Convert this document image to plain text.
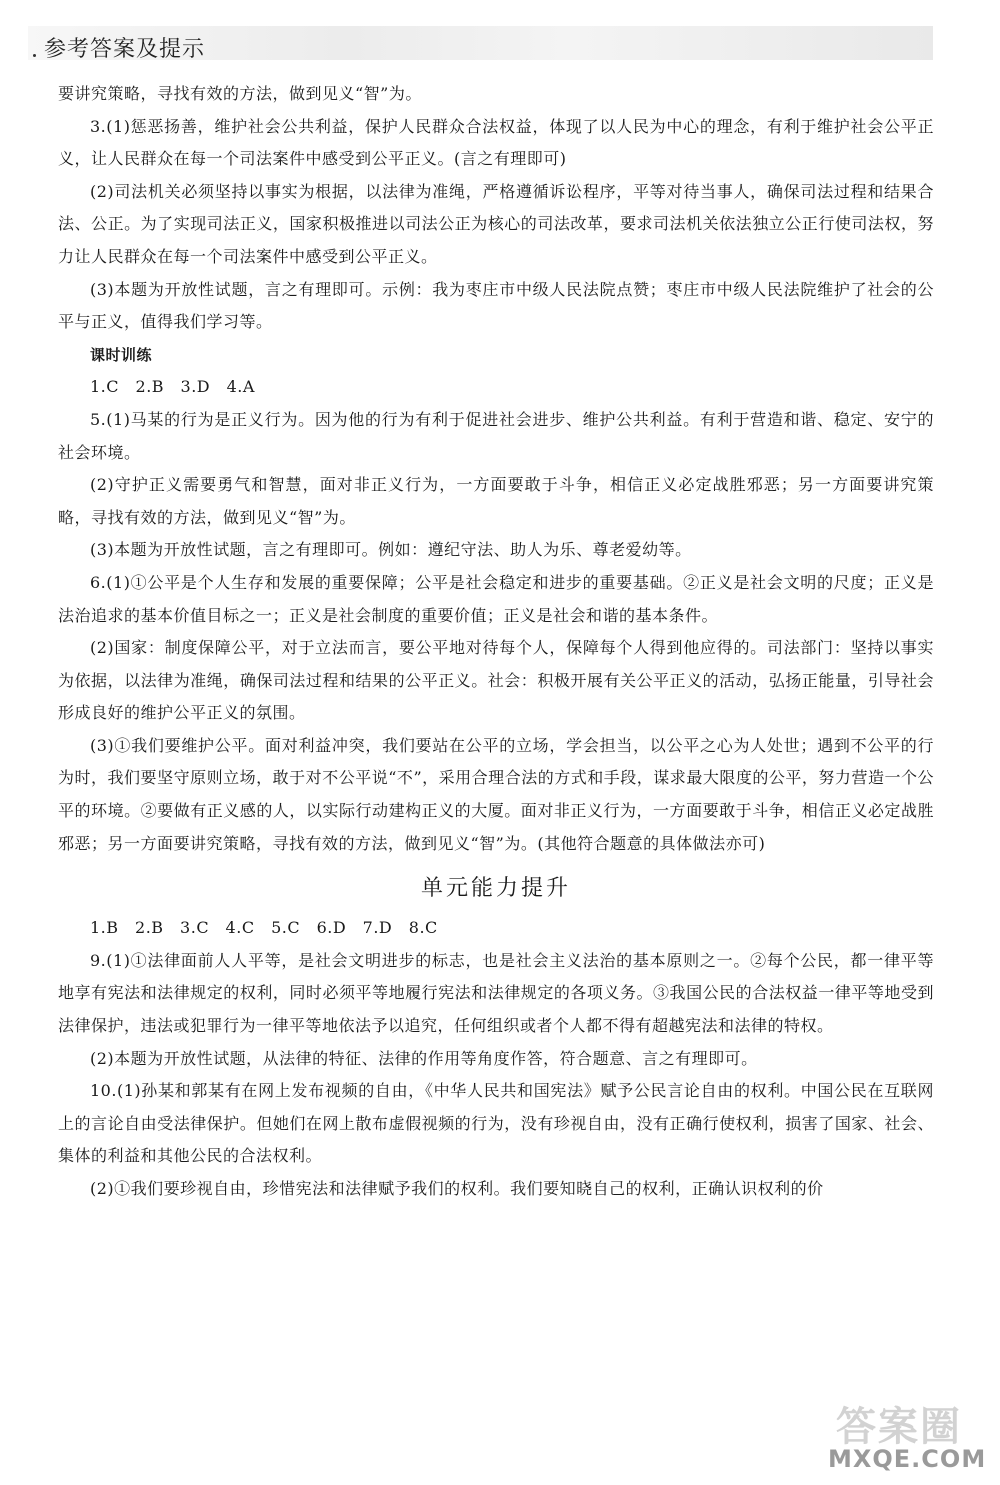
参考答案及提示

要讲究策略，寻找有效的方法，做到见义“智”为。

3.(1)惩恶扬善，维护社会公共利益，保护人民群众合法权益，体现了以人民为中心的理念，有利于维护社会公平正义，让人民群众在每一个司法案件中感受到公平正义。(言之有理即可)

(2)司法机关必须坚持以事实为根据，以法律为准绳，严格遵循诉讼程序，平等对待当事人，确保司法过程和结果合法、公正。为了实现司法正义，国家积极推进以司法公正为核心的司法改革，要求司法机关依法独立公正行使司法权，努力让人民群众在每一个司法案件中感受到公平正义。

(3)本题为开放性试题，言之有理即可。示例：我为枣庄市中级人民法院点赞；枣庄市中级人民法院维护了社会的公平与正义，值得我们学习等。

课时训练

1.C　2.B　3.D　4.A

5.(1)马某的行为是正义行为。因为他的行为有利于促进社会进步、维护公共利益。有利于营造和谐、稳定、安宁的社会环境。

(2)守护正义需要勇气和智慧，面对非正义行为，一方面要敢于斗争，相信正义必定战胜邪恶；另一方面要讲究策略，寻找有效的方法，做到见义“智”为。

(3)本题为开放性试题，言之有理即可。例如：遵纪守法、助人为乐、尊老爱幼等。

6.(1)①公平是个人生存和发展的重要保障；公平是社会稳定和进步的重要基础。②正义是社会文明的尺度；正义是法治追求的基本价值目标之一；正义是社会制度的重要价值；正义是社会和谐的基本条件。

(2)国家：制度保障公平，对于立法而言，要公平地对待每个人，保障每个人得到他应得的。司法部门：坚持以事实为依据，以法律为准绳，确保司法过程和结果的公平正义。社会：积极开展有关公平正义的活动，弘扬正能量，引导社会形成良好的维护公平正义的氛围。

(3)①我们要维护公平。面对利益冲突，我们要站在公平的立场，学会担当，以公平之心为人处世；遇到不公平的行为时，我们要坚守原则立场，敢于对不公平说“不”，采用合理合法的方式和手段，谋求最大限度的公平，努力营造一个公平的环境。②要做有正义感的人，以实际行动建构正义的大厦。面对非正义行为，一方面要敢于斗争，相信正义必定战胜邪恶；另一方面要讲究策略，寻找有效的方法，做到见义“智”为。(其他符合题意的具体做法亦可)

单元能力提升

1.B　2.B　3.C　4.C　5.C　6.D　7.D　8.C

9.(1)①法律面前人人平等，是社会文明进步的标志，也是社会主义法治的基本原则之一。②每个公民，都一律平等地享有宪法和法律规定的权利，同时必须平等地履行宪法和法律规定的各项义务。③我国公民的合法权益一律平等地受到法律保护，违法或犯罪行为一律平等地依法予以追究，任何组织或者个人都不得有超越宪法和法律的特权。

(2)本题为开放性试题，从法律的特征、法律的作用等角度作答，符合题意、言之有理即可。

10.(1)孙某和郭某有在网上发布视频的自由，《中华人民共和国宪法》赋予公民言论自由的权利。中国公民在互联网上的言论自由受法律保护。但她们在网上散布虚假视频的行为，没有珍视自由，没有正确行使权利，损害了国家、社会、集体的利益和其他公民的合法权利。

(2)①我们要珍视自由，珍惜宪法和法律赋予我们的权利。我们要知晓自己的权利，正确认识权利的价

答案圈
MXQE.COM
